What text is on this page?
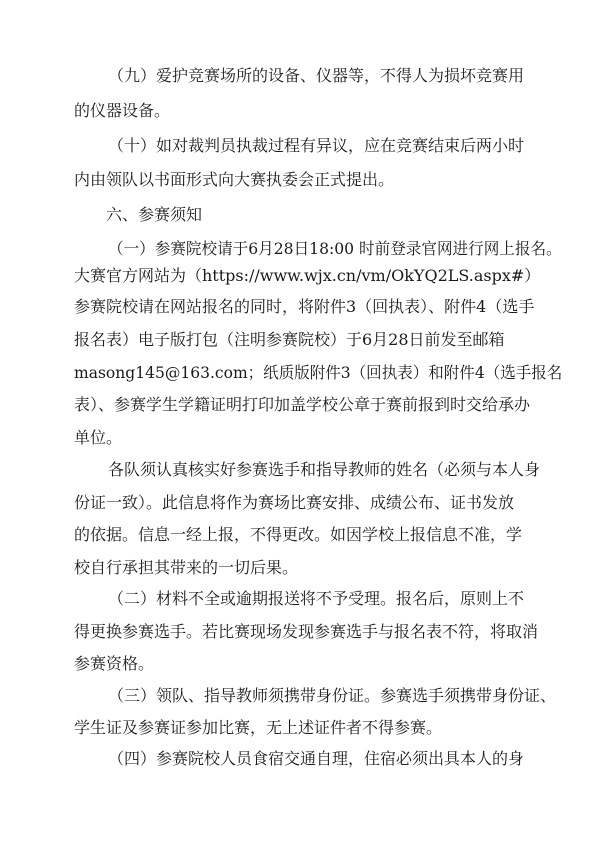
（九）爱护竞赛场所的设备、仪器等，不得人为损坏竞赛用
的仪器设备。
（十）如对裁判员执裁过程有异议，应在竞赛结束后两小时
内由领队以书面形式向大赛执委会正式提出。
六、参赛须知
（一）参赛院校请于6月28日18:00 时前登录官网进行网上报名。
大赛官方网站为（https://www.wjx.cn/vm/OkYQ2LS.aspx#）
参赛院校请在网站报名的同时，将附件3（回执表）、附件4（选手
报名表）电子版打包（注明参赛院校）于6月28日前发至邮箱
masong145@163.com；纸质版附件3（回执表）和附件4（选手报名
表）、参赛学生学籍证明打印加盖学校公章于赛前报到时交给承办
单位。
各队须认真核实好参赛选手和指导教师的姓名（必须与本人身
份证一致）。此信息将作为赛场比赛安排、成绩公布、证书发放
的依据。信息一经上报，不得更改。如因学校上报信息不准，学
校自行承担其带来的一切后果。
（二）材料不全或逾期报送将不予受理。报名后，原则上不
得更换参赛选手。若比赛现场发现参赛选手与报名表不符，将取消
参赛资格。
（三）领队、指导教师须携带身份证。参赛选手须携带身份证、
学生证及参赛证参加比赛，无上述证件者不得参赛。
（四）参赛院校人员食宿交通自理，住宿必须出具本人的身
